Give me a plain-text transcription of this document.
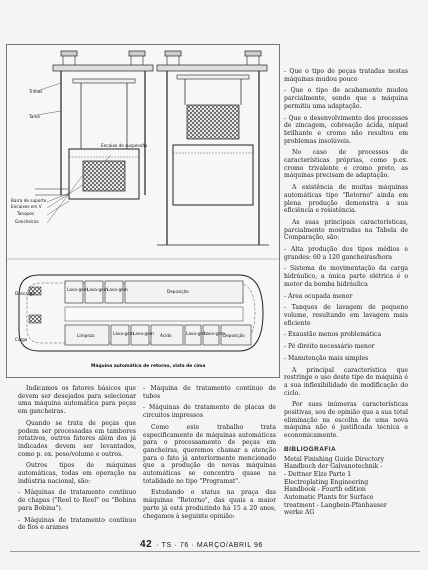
Trilhos
Talha
Encaixe de suspensão
Barra de suporte
Encaixes em V
Tanques
Gancheiras
Descarga
Carga
Lava-gem Lava-gem Lava-gem	Deposição
Limpeza	Lava-gem Lava-gem Ácido	Lava-gem
Lava-gem
Deposição
Máquina automática de retorno, vista de cima

Indicamos os fatores básicos que devem ser desejados para selecionar uma máquina automática para peças em gancheiras.

Quando se trata de peças que podem ser processadas em tambores rotativos, outros fatores além dos já indicados devem ser levantados, como p. ex. peso/volume e outros.

Outros tipos de máquinas automáticas, todas em operação na indústria nacional, são:

- Máquinas de tratamento contínuo de chapas ("Reel to Reel" ou "Bobina para Bobina").

- Máquinas de tratamento contínuo de fios e arames

- Máquina de tratamento contínuo de tubos

- Máquinas de tratamento de placas de circuitos impressos

Como este trabalho trata especificamente de máquinas automáticas para o processamento de peças em gancheiras, queremos chamar a atenção para o fato já anteriormente mencionado que a produção de novas máquinas automáticas se concentra quase na totalidade no tipo "Programat".

Estudando o status na praça das máquinas "Retorno", das quais a maior parte já está produzindo há 15 a 20 anos, chegamos à seguinte opinião:

- Que o tipo de peças tratadas nestas máquinas mudou pouco

- Que o tipo de acabamento mudou parcialmente, sendo que a máquina permitiu uma adaptação.

- Que o desenvolvimento dos processos de zincagem, cobreação ácida, níquel brilhante e cromo não resultou em problemas insolúveis.

No caso de processos de características próprias, como p.ex. cromo trivalente e cromo preto, as máquinas precisam de adaptação.

A existência de muitas máquinas automáticas tipo "Retorno" ainda em plena produção demonstra a sua eficiência e resistência.

As suas principais características, parcialmente mostradas na Tabela de Comparação, são:

- Alta produção dos tipos médios e grandes: 60 a 120 gancheiras/hora

- Sistema de movimentação da carga hidráulico, a única parte elétrica é o motor da bomba hidráulica

- Área ocupada menor

- Tanques de lavagem de pequeno volume, resultando em lavagem mais eficiente

- Exaustão menos problemática

- Pé direito necessário menor

- Manutenção mais simples

A principal característica que restringe o uso deste tipo de máquina é a sua inflexibilidade de modificação do ciclo.

Por suas inúmeras características positivas, sou de opinião que a sua total eliminação na escolha de uma nova máquina não é justificada técnica e economicamente.

BIBLIOGRAFIA
Metal Finishing Guide Directory
Handbuch der Galvanotechnik -
- Dettner Elze Parte 1
Electroplating Engineering
Handbook - Fourth edition
Automatic Plants for Surface
treatment - Langbein-Pfanhauser
werke AG
42 · TS · 76 · MARÇO/ABRIL 96
